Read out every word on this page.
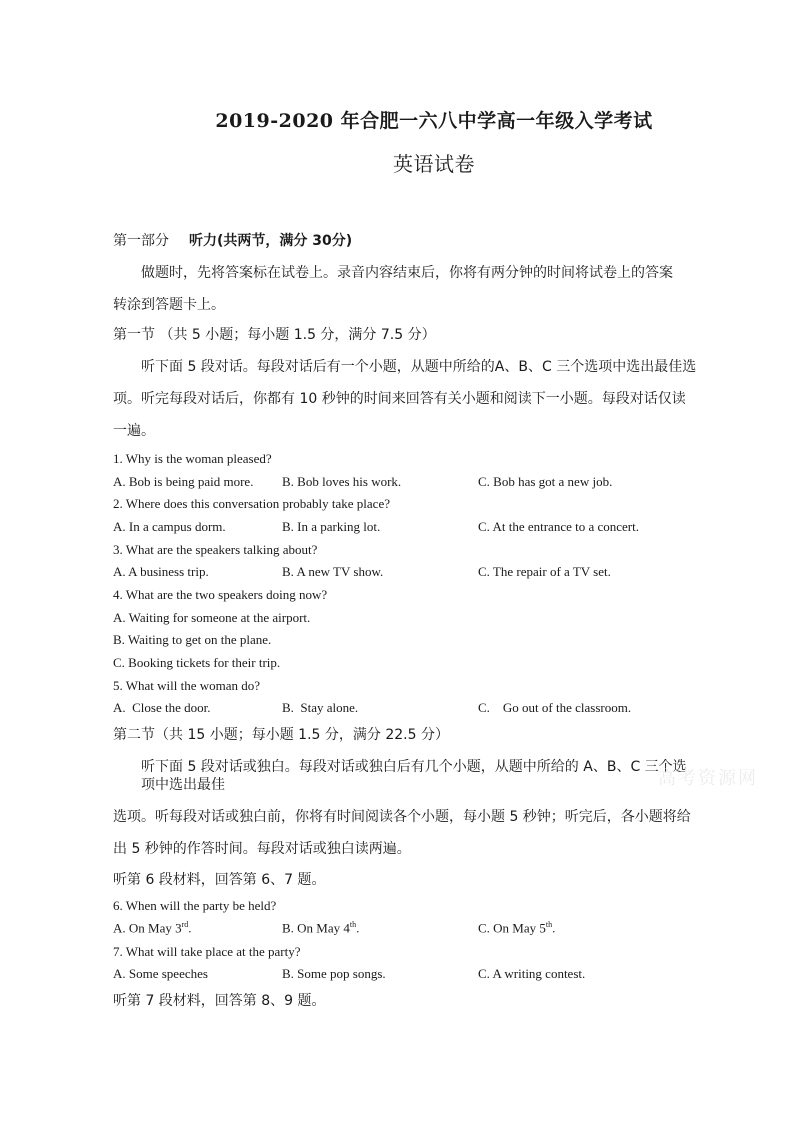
2019-2020 年合肥一六八中学高一年级入学考试
英语试卷
第一部分 听力(共两节，满分 30分)
做题时，先将答案标在试卷上。录音内容结束后，你将有两分钟的时间将试卷上的答案
转涂到答题卡上。
第一节 （共 5 小题；每小题 1.5 分，满分 7.5 分）
听下面 5 段对话。每段对话后有一个小题，从题中所给的A、B、C 三个选项中选出最佳选
项。听完每段对话后，你都有 10 秒钟的时间来回答有关小题和阅读下一小题。每段对话仅读
一遍。
1. Why is the woman pleased?
A. Bob is being paid more. B. Bob loves his work.	C. Bob has got a new job.
2. Where does this conversation probably take place?
A. In a campus dorm.	B. In a parking lot.	C. At the entrance to a concert.
3. What are the speakers talking about?
A. A business trip.	B. A new TV show.	C. The repair of a TV set.
4. What are the two speakers doing now?
A. Waiting for someone at the airport.
B. Waiting to get on the plane.
C. Booking tickets for their trip.
5. What will the woman do?
A.  Close the door.	B.  Stay alone.	C.    Go out of the classroom.
第二节（共 15 小题；每小题 1.5 分，满分 22.5 分）
听下面 5 段对话或独白。每段对话或独白后有几个小题，从题中所给的 A、B、C 三个选
项中选出最佳	高考资源网
选项。听每段对话或独白前，你将有时间阅读各个小题，每小题 5 秒钟；听完后，各小题将给
出 5 秒钟的作答时间。每段对话或独白读两遍。
听第 6 段材料，回答第 6、7 题。
6. When will the party be held?
A. On May 3rd.	B. On May 4th.	C. On May 5th.
7. What will take place at the party?
A. Some speeches	B. Some pop songs.	C. A writing contest.
听第 7 段材料，回答第 8、9 题。
